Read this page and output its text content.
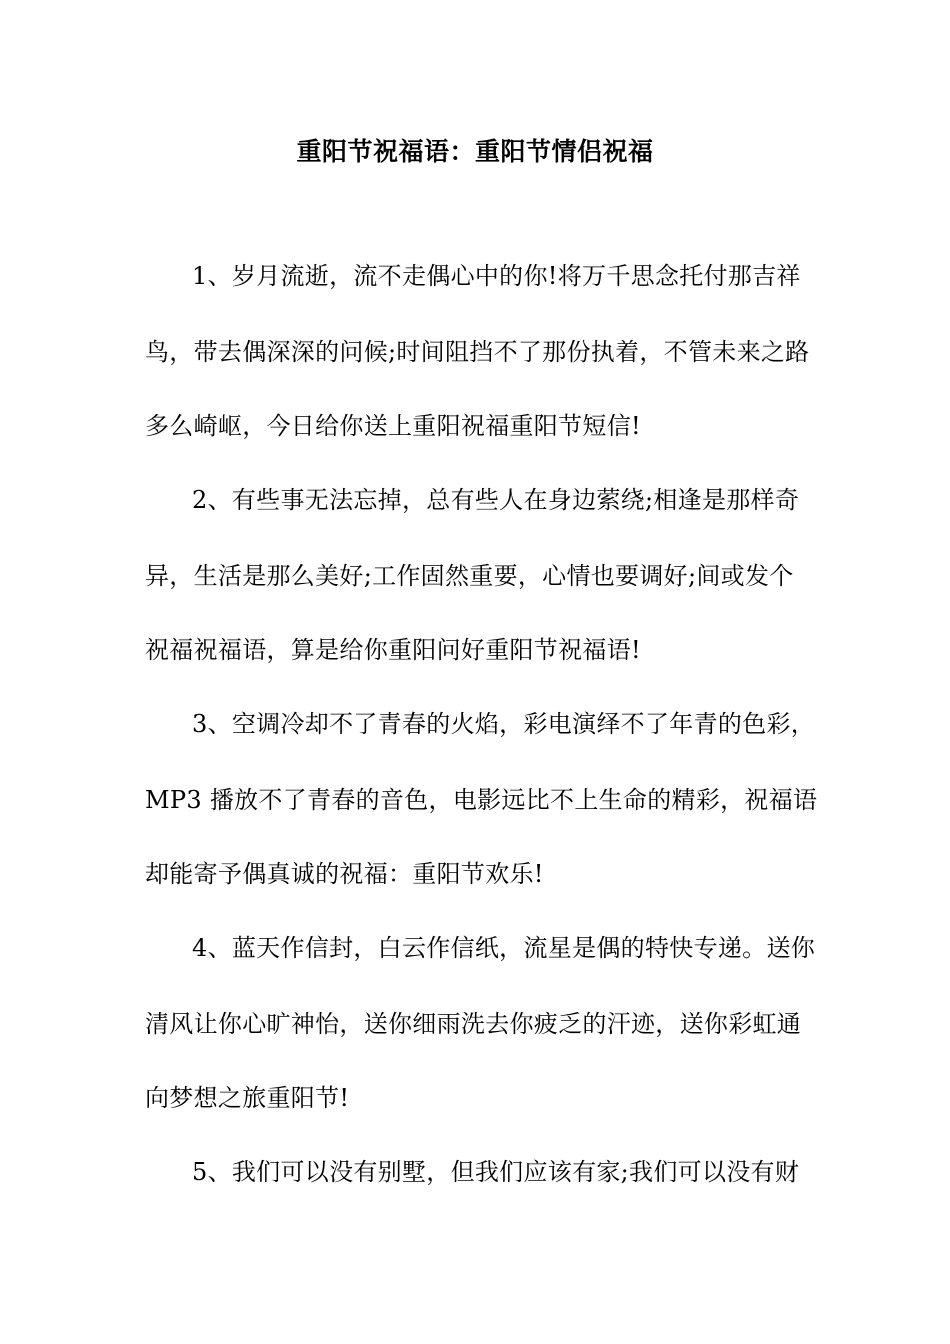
重阳节祝福语：重阳节情侣祝福
1、岁月流逝，流不走偶心中的你!将万千思念托付那吉祥
鸟，带去偶深深的问候;时间阻挡不了那份执着，不管未来之路
多么崎岖，今日给你送上重阳祝福重阳节短信!
2、有些事无法忘掉，总有些人在身边萦绕;相逢是那样奇
异，生活是那么美好;工作固然重要，心情也要调好;间或发个
祝福祝福语，算是给你重阳问好重阳节祝福语!
3、空调冷却不了青春的火焰，彩电演绎不了年青的色彩，
MP3 播放不了青春的音色，电影远比不上生命的精彩，祝福语
却能寄予偶真诚的祝福：重阳节欢乐!
4、蓝天作信封，白云作信纸，流星是偶的特快专递。送你
清风让你心旷神怡，送你细雨洗去你疲乏的汗迹，送你彩虹通
向梦想之旅重阳节!
5、我们可以没有别墅，但我们应该有家;我们可以没有财
